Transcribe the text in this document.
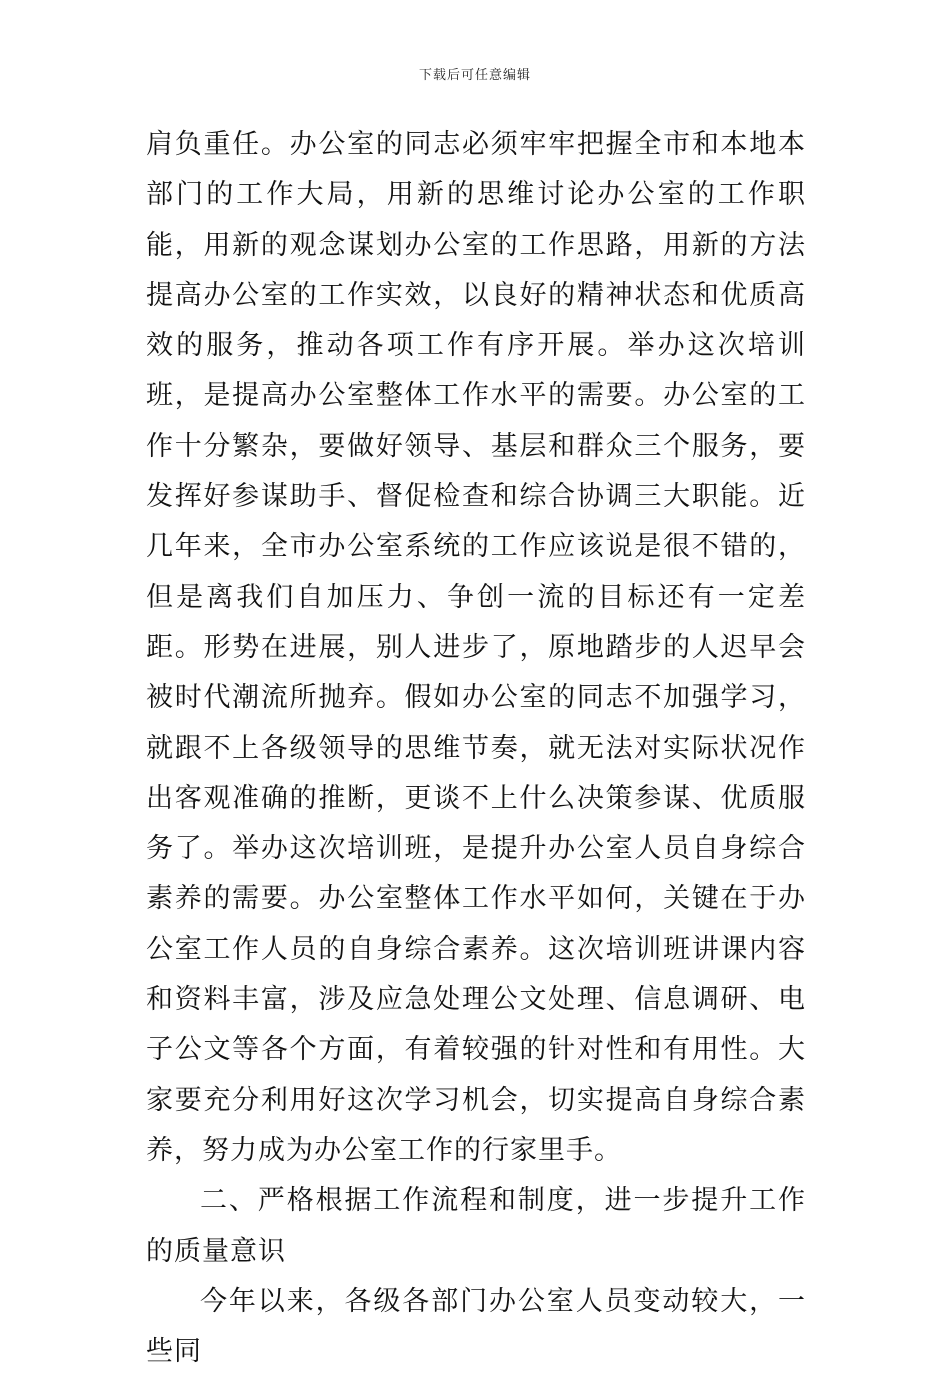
下载后可任意编辑

肩负重任。办公室的同志必须牢牢把握全市和本地本部门的工作大局，用新的思维讨论办公室的工作职能，用新的观念谋划办公室的工作思路，用新的方法提高办公室的工作实效，以良好的精神状态和优质高效的服务，推动各项工作有序开展。举办这次培训班，是提高办公室整体工作水平的需要。办公室的工作十分繁杂，要做好领导、基层和群众三个服务，要发挥好参谋助手、督促检查和综合协调三大职能。近几年来，全市办公室系统的工作应该说是很不错的，但是离我们自加压力、争创一流的目标还有一定差距。形势在进展，别人进步了，原地踏步的人迟早会被时代潮流所抛弃。假如办公室的同志不加强学习，就跟不上各级领导的思维节奏，就无法对实际状况作出客观准确的推断，更谈不上什么决策参谋、优质服务了。举办这次培训班，是提升办公室人员自身综合素养的需要。办公室整体工作水平如何，关键在于办公室工作人员的自身综合素养。这次培训班讲课内容和资料丰富，涉及应急处理公文处理、信息调研、电子公文等各个方面，有着较强的针对性和有用性。大家要充分利用好这次学习机会，切实提高自身综合素养，努力成为办公室工作的行家里手。

二、严格根据工作流程和制度，进一步提升工作的质量意识

今年以来，各级各部门办公室人员变动较大，一些同
